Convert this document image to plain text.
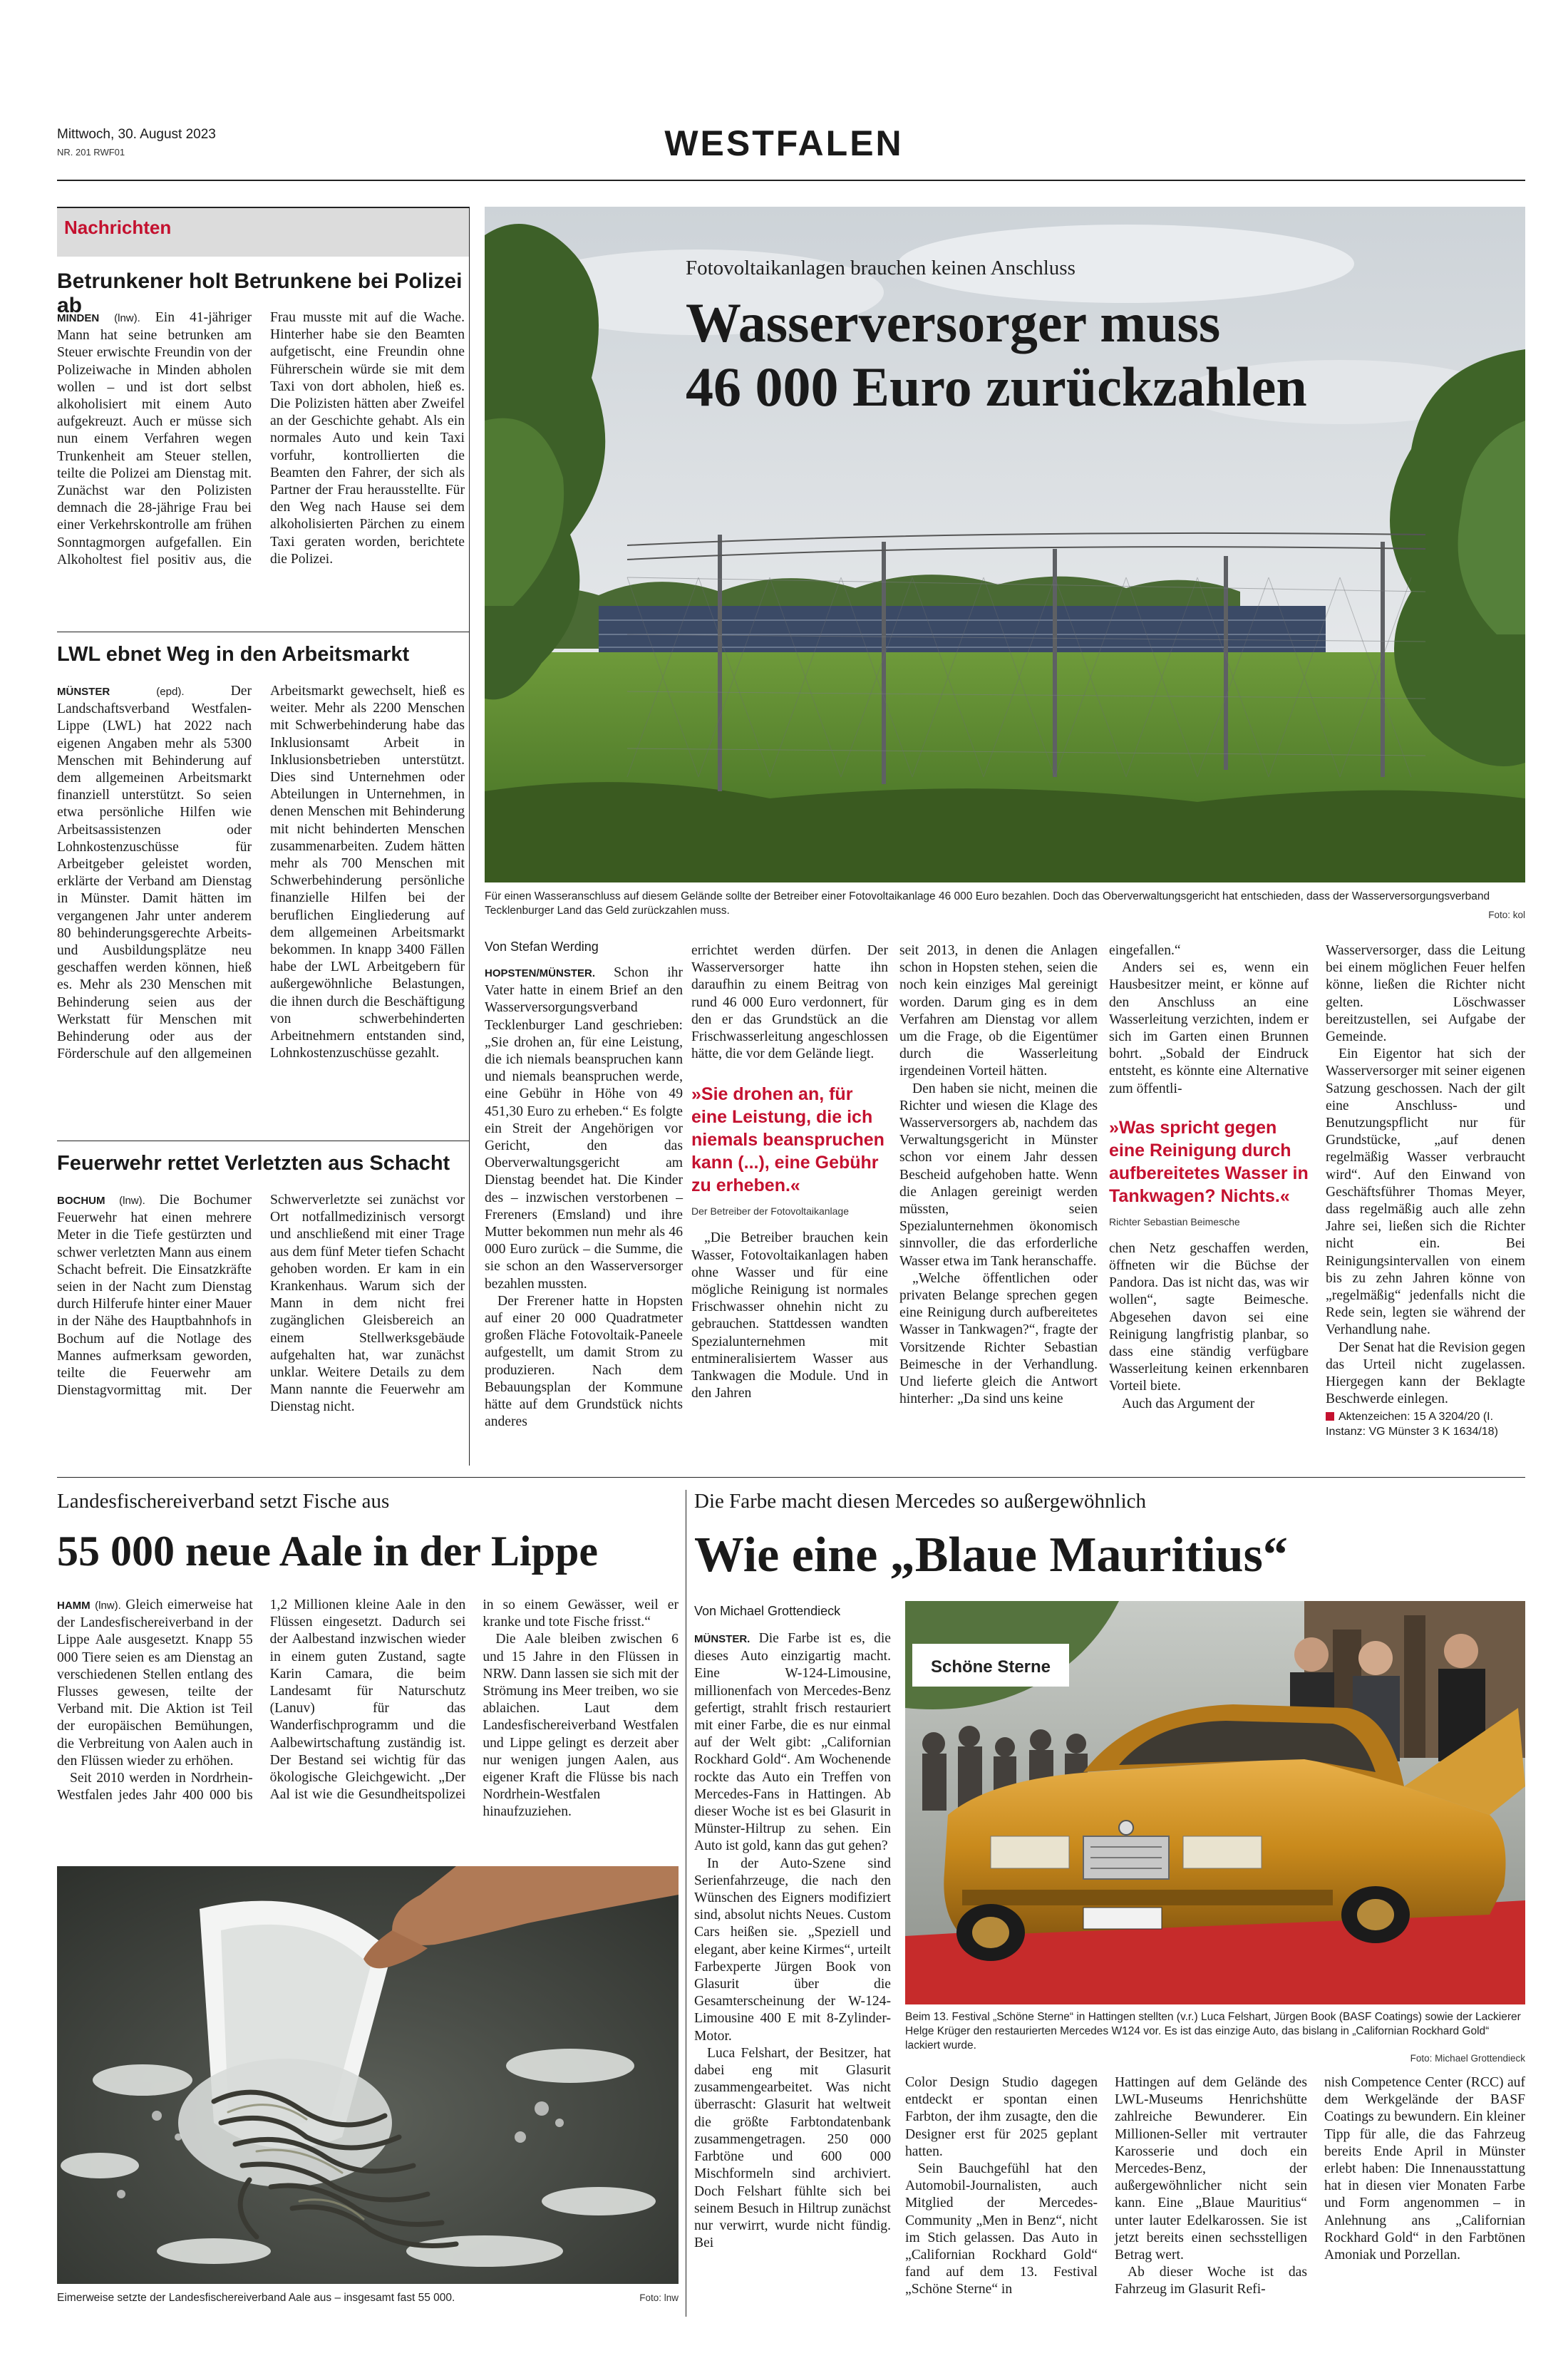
Mittwoch, 30. August 2023
NR. 201 RWF01	WESTFALEN
Nachrichten
Betrunkener holt Betrunkene bei Polizei ab

MINDEN (lnw). Ein 41-jähriger Mann hat seine betrunken am Steuer erwischte Freundin von der Polizeiwache in Minden abholen wollen – und ist dort selbst alkoholisiert mit einem Auto aufgekreuzt. Auch er müsse sich nun einem Verfahren wegen Trunkenheit am Steuer stellen, teilte die Polizei am Dienstag mit. Zunächst war den Polizisten demnach die 28-jährige Frau bei einer Verkehrskontrolle am frühen Sonntagmorgen aufgefallen. Ein Alkoholtest fiel positiv aus, die Frau musste mit auf die Wache. Hinterher habe sie den Beamten aufgetischt, eine Freundin ohne Führerschein würde sie mit dem Taxi von dort abholen, hieß es. Die Polizisten hätten aber Zweifel an der Geschichte gehabt. Als ein normales Auto und kein Taxi vorfuhr, kontrollierten die Beamten den Fahrer, der sich als Partner der Frau herausstellte. Für den Weg nach Hause sei dem alkoholisierten Pärchen zu einem Taxi geraten worden, berichtete die Polizei.

LWL ebnet Weg in den Arbeitsmarkt

MÜNSTER	(epd).	Der Landschaftsverband Westfalen-Lippe (LWL) hat 2022 nach eigenen Angaben mehr als 5300 Menschen mit Behinderung auf dem allgemeinen Arbeitsmarkt finanziell unterstützt. So seien etwa persönliche Hilfen wie Arbeitsassistenzen oder Lohnkostenzuschüsse für Arbeitgeber geleistet worden, erklärte der Verband am Dienstag in Münster. Damit hätten im vergangenen Jahr unter anderem 80 behinderungsgerechte Arbeits- und Ausbildungsplätze neu geschaffen werden können, hieß es. Mehr als 230 Menschen mit Behinderung seien aus der Werkstatt für Menschen mit Behinderung oder aus der Förderschule auf den allgemeinen Arbeitsmarkt gewechselt, hieß es weiter. Mehr als 2200 Menschen mit Schwerbehinderung habe das Inklusionsamt Arbeit in Inklusionsbetrieben unterstützt. Dies sind Unternehmen oder Abteilungen in Unternehmen, in denen Menschen mit Behinderung mit nicht behinderten Menschen zusammenarbeiten. Zudem hätten mehr als 700 Menschen mit Schwerbehinderung persönliche finanzielle Hilfen bei der beruflichen Eingliederung auf dem allgemeinen Arbeitsmarkt bekommen. In knapp 3400 Fällen habe der LWL Arbeitgebern für außergewöhnliche Belastungen, die ihnen durch die Beschäftigung von schwerbehinderten Arbeitnehmern entstanden sind, Lohnkostenzuschüsse gezahlt.

Feuerwehr rettet Verletzten aus Schacht

BOCHUM (lnw). Die Bochumer Feuerwehr hat einen mehrere Meter in die Tiefe gestürzten und schwer verletzten Mann aus einem Schacht befreit. Die Einsatzkräfte seien in der Nacht zum Dienstag durch Hilferufe hinter einer Mauer in der Nähe des Hauptbahnhofs in Bochum auf die Notlage des Mannes aufmerksam geworden, teilte die Feuerwehr am Dienstagvormittag mit. Der Schwerverletzte sei zunächst vor Ort notfallmedizinisch versorgt und anschließend mit einer Trage aus dem fünf Meter tiefen Schacht gehoben worden. Er kam in ein Krankenhaus. Warum sich der Mann in dem nicht frei zugänglichen Gleisbereich an einem Stellwerksgebäude aufgehalten hat, war zunächst unklar. Weitere Details zu dem Mann nannte die Feuerwehr am Dienstag nicht.

Fotovoltaikanlagen brauchen keinen Anschluss
Wasserversorger muss
46 000 Euro zurückzahlen
Für einen Wasseranschluss auf diesem Gelände sollte der Betreiber einer Fotovoltaikanlage 46 000 Euro bezahlen. Doch das Oberverwaltungsgericht hat entschieden, dass der Wasserversorgungsverband Tecklenburger Land das Geld zurückzahlen muss.	Foto: kol
Von Stefan Werding

HOPSTEN/MÜNSTER. Schon ihr Vater hatte in einem Brief an den Wasserversorgungsverband Tecklenburger Land geschrieben: „Sie drohen an, für eine Leistung, die ich niemals beanspruchen kann und niemals beanspruchen werde, eine Gebühr in Höhe von 49 451,30 Euro zu erheben.“ Es folgte ein Streit der Angehörigen vor Gericht, den das Oberverwaltungsgericht am Dienstag beendet hat. Die Kinder des – inzwischen verstorbenen – Frereners (Emsland) und ihre Mutter bekommen nun mehr als 46 000 Euro zurück – die Summe, die sie schon an den Wasserversorger bezahlen mussten.

Der Frerener hatte in Hopsten auf einer 20 000 Quadratmeter großen Fläche Fotovoltaik-Paneele aufgestellt, um damit Strom zu produzieren. Nach dem Bebauungsplan der Kommune hätte auf dem Grundstück nichts anderes

errichtet werden dürfen. Der Wasserversorger hatte ihn daraufhin zu einem Beitrag von rund 46 000 Euro verdonnert, für den er das Grundstück an die Frischwasserleitung angeschlossen hätte, die vor dem Gelände liegt.

»Sie drohen an, für eine Leistung, die ich niemals beanspruchen kann (...), eine Gebühr zu erheben.«
Der Betreiber der Fotovoltaikanlage

„Die Betreiber brauchen kein Wasser, Fotovoltaikanlagen haben ohne Wasser und für eine mögliche Reinigung ist normales Frischwasser ohnehin nicht zu gebrauchen. Stattdessen wandten Spezialunternehmen mit entmineralisiertem Wasser aus Tankwagen die Module. Und in den Jahren

seit 2013, in denen die Anlagen schon in Hopsten stehen, seien die noch kein einziges Mal gereinigt worden. Darum ging es in dem Verfahren am Dienstag vor allem um die Frage, ob die Eigentümer durch die Wasserleitung irgendeinen Vorteil hätten.

Den haben sie nicht, meinen die Richter und wiesen die Klage des Wasserversorgers ab, nachdem das Verwaltungsgericht in Münster schon vor einem Jahr dessen Bescheid aufgehoben hatte. Wenn die Anlagen gereinigt werden müssten, seien Spezialunternehmen ökonomisch sinnvoller, die das erforderliche Wasser etwa im Tank heranschaffe.

„Welche öffentlichen oder privaten Belange sprechen gegen eine Reinigung durch aufbereitetes Wasser in Tankwagen?“, fragte der Vorsitzende Richter Sebastian Beimesche in der Verhandlung. Und lieferte gleich die Antwort hinterher: „Da sind uns keine

eingefallen.“

Anders sei es, wenn ein Hausbesitzer meint, er könne auf den Anschluss an eine Wasserleitung verzichten, indem er sich im Garten einen Brunnen bohrt. „Sobald der Eindruck entsteht, es könnte eine Alternative zum öffentli-

»Was spricht gegen eine Reinigung durch aufbereitetes Wasser in Tankwagen? Nichts.«
Richter Sebastian Beimesche

chen Netz geschaffen werden, öffneten wir die Büchse der Pandora. Das ist nicht das, was wir wollen“, sagte Beimesche. Abgesehen davon sei eine Reinigung langfristig planbar, so dass eine ständig verfügbare Wasserleitung keinen erkennbaren Vorteil biete.

Auch das Argument der

Wasserversorger, dass die Leitung bei einem möglichen Feuer helfen könne, ließen die Richter nicht gelten. Löschwasser bereitzustellen, sei Aufgabe der Gemeinde.

Ein Eigentor hat sich der Wasserversorger mit seiner eigenen Satzung geschossen. Nach der gilt eine Anschluss- und Benutzungspflicht nur für Grundstücke, „auf denen regelmäßig Wasser verbraucht wird“. Auf den Einwand von Geschäftsführer Thomas Meyer, dass regelmäßig auch alle zehn Jahre sei, ließen sich die Richter nicht ein. Bei Reinigungsintervallen von einem bis zu zehn Jahren könne von „regelmäßig“ jedenfalls nicht die Rede sein, legten sie während der Verhandlung nahe.

Der Senat hat die Revision gegen das Urteil nicht zugelassen. Hiergegen kann der Beklagte Beschwerde einlegen.

Aktenzeichen: 15 A 3204/20 (I. Instanz: VG Münster 3 K 1634/18)
Landesfischereiverband setzt Fische aus
55 000 neue Aale in der Lippe

HAMM (lnw). Gleich eimerweise hat der Landesfischereiverband in der Lippe Aale ausgesetzt. Knapp 55 000 Tiere seien es am Dienstag an verschiedenen Stellen entlang des Flusses gewesen, teilte der Verband mit. Die Aktion ist Teil der europäischen Bemühungen, die Verbreitung von Aalen auch in den Flüssen wieder zu erhöhen.

Seit 2010 werden in Nordrhein-Westfalen jedes Jahr 400 000 bis 1,2 Millionen kleine Aale in den Flüssen eingesetzt. Dadurch sei der Aalbestand inzwischen wieder in einem guten Zustand, sagte Karin Camara, die beim Landesamt für Naturschutz (Lanuv) für das Wanderfischprogramm und die Aalbewirtschaftung zuständig ist. Der Bestand sei wichtig für das ökologische Gleichgewicht. „Der Aal ist wie die Gesundheitspolizei in so einem Gewässer, weil er kranke und tote Fische frisst.“

Die Aale bleiben zwischen 6 und 15 Jahre in den Flüssen in NRW. Dann lassen sie sich mit der Strömung ins Meer treiben, wo sie ablaichen. Laut dem Landesfischereiverband Westfalen und Lippe gelingt es derzeit aber nur wenigen jungen Aalen, aus eigener Kraft die Flüsse bis nach Nordrhein-Westfalen hinaufzuziehen.

Eimerweise setzte der Landesfischereiverband Aale aus – insgesamt fast 55 000.	Foto: lnw
Die Farbe macht diesen Mercedes so außergewöhnlich
Wie eine „Blaue Mauritius“
Von Michael Grottendieck

MÜNSTER. Die Farbe ist es, die dieses Auto einzigartig macht. Eine W-124-Limousine, millionenfach von Mercedes-Benz gefertigt, strahlt frisch restauriert mit einer Farbe, die es nur einmal auf der Welt gibt: „Californian Rockhard Gold“. Am Wochenende rockte das Auto ein Treffen von Mercedes-Fans in Hattingen. Ab dieser Woche ist es bei Glasurit in Münster-Hiltrup zu sehen. Ein Auto ist gold, kann das gut gehen?

In der Auto-Szene sind Serienfahrzeuge, die nach den Wünschen des Eigners modifiziert sind, absolut nichts Neues. Custom Cars heißen sie. „Speziell und elegant, aber keine Kirmes“, urteilt Farbexperte Jürgen Book von Glasurit über die Gesamterscheinung der W-124-Limousine 400 E mit 8-Zylinder-Motor.

Luca Felshart, der Besitzer, hat dabei eng mit Glasurit zusammengearbeitet. Was nicht überrascht: Glasurit hat weltweit die größte Farbtondatenbank zusammengetragen. 250 000 Farbtöne und 600 000 Mischformeln sind archiviert. Doch Felshart fühlte sich bei seinem Besuch in Hiltrup zunächst nur verwirrt, wurde nicht fündig. Bei

Schöne Sterne
Beim 13. Festival „Schöne Sterne“ in Hattingen stellten (v.r.) Luca Felshart, Jürgen Book (BASF Coatings) sowie der Lackierer Helge Krüger den restaurierten Mercedes W124 vor. Es ist das einzige Auto, das bislang in „Californian Rockhard Gold“ lackiert wurde.
Foto: Michael Grottendieck

Color Design Studio dagegen entdeckt er spontan einen Farbton, der ihm zusagte, den die Designer erst für 2025 geplant hatten.

Sein Bauchgefühl hat den Automobil-Journalisten, auch Mitglied der Mercedes-Community „Men in Benz“, nicht im Stich gelassen. Das Auto in „Californian Rockhard Gold“ fand auf dem 13. Festival „Schöne Sterne“ in

Hattingen auf dem Gelände des LWL-Museums Henrichshütte zahlreiche Bewunderer. Ein Millionen-Seller mit vertrauter Karosserie und doch ein Mercedes-Benz, der außergewöhnlicher nicht sein kann. Eine „Blaue Mauritius“ unter lauter Edelkarossen. Sie ist jetzt bereits einen sechsstelligen Betrag wert.

Ab dieser Woche ist das Fahrzeug im Glasurit Refi-

nish Competence Center (RCC) auf dem Werkgelände der BASF Coatings zu bewundern. Ein kleiner Tipp für alle, die das Fahrzeug bereits Ende April in Münster erlebt haben: Die Innenausstattung hat in diesen vier Monaten Farbe und Form angenommen – in Anlehnung ans „Californian Rockhard Gold“ in den Farbtönen Amoniak und Porzellan.
